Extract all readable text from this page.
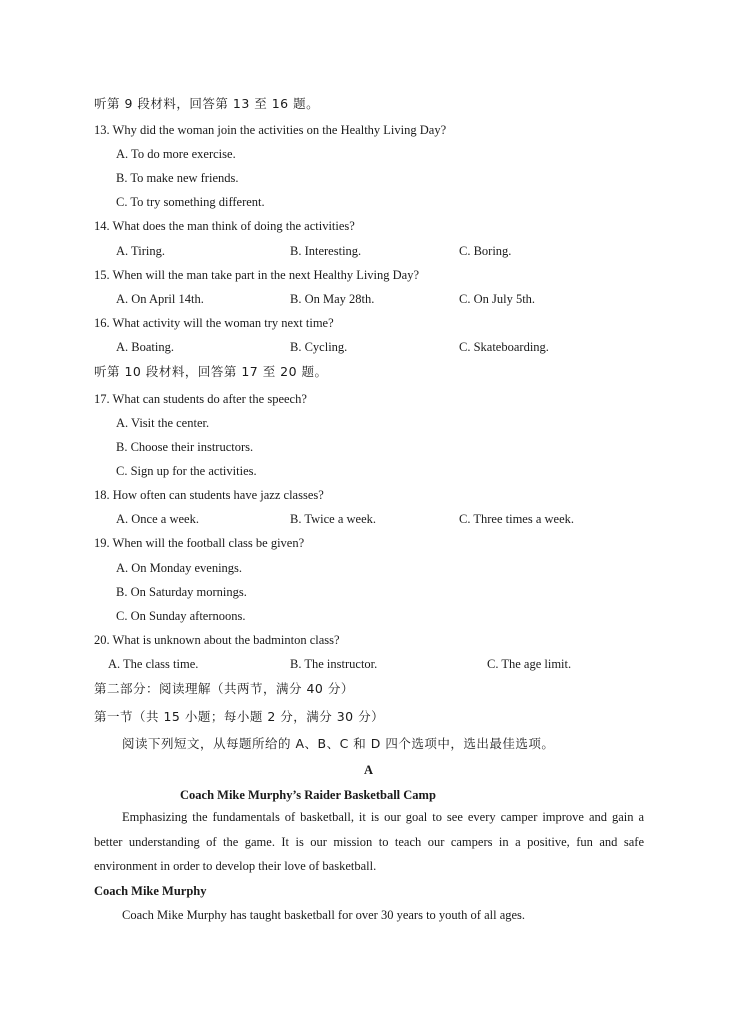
听第 9 段材料，回答第 13 至 16 题。
13. Why did the woman join the activities on the Healthy Living Day?
A. To do more exercise.
B. To make new friends.
C. To try something different.
14. What does the man think of doing the activities?
A. Tiring.	B. Interesting.	C. Boring.
15. When will the man take part in the next Healthy Living Day?
A. On April 14th.	B. On May 28th.	C. On July 5th.
16. What activity will the woman try next time?
A. Boating.	B. Cycling.	C. Skateboarding.
听第 10 段材料，回答第 17 至 20 题。
17. What can students do after the speech?
A. Visit the center.
B. Choose their instructors.
C. Sign up for the activities.
18. How often can students have jazz classes?
A. Once a week.	B. Twice a week.	C. Three times a week.
19. When will the football class be given?
A. On Monday evenings.
B. On Saturday mornings.
C. On Sunday afternoons.
20. What is unknown about the badminton class?
A. The class time.	B. The instructor.	C. The age limit.
第二部分：阅读理解（共两节，满分 40 分）
第一节（共 15 小题；每小题 2 分，满分 30 分）
阅读下列短文，从每题所给的 A、B、C 和 D 四个选项中，选出最佳选项。
A
Coach Mike Murphy’s Raider Basketball Camp
Emphasizing the fundamentals of basketball, it is our goal to see every camper improve and gain a better understanding of the game. It is our mission to teach our campers in a positive, fun and safe environment in order to develop their love of basketball.
Coach Mike Murphy
Coach Mike Murphy has taught basketball for over 30 years to youth of all ages.
